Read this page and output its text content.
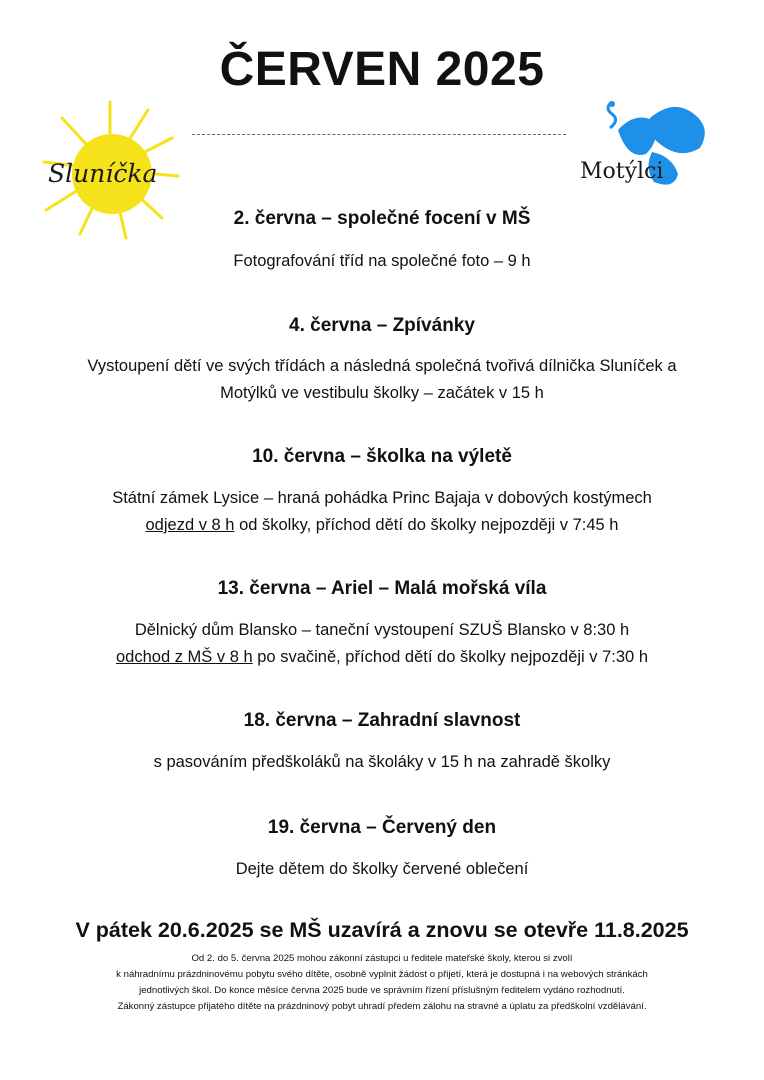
ČERVEN 2025
Sluníčka	Motýlci
2. června – společné focení v MŠ

Fotografování tříd na společné foto – 9 h

4. června – Zpívánky

Vystoupení dětí ve svých třídách a následná společná tvořivá dílnička Sluníček a
Motýlků ve vestibulu školky – začátek v 15 h

10. června – školka na výletě

Státní zámek Lysice – hraná pohádka Princ Bajaja v dobových kostýmech
odjezd v 8 h od školky, příchod dětí do školky nejpozději v 7:45 h

13. června – Ariel – Malá mořská víla

Dělnický dům Blansko – taneční vystoupení SZUŠ Blansko v 8:30 h
odchod z MŠ v 8 h po svačině, příchod dětí do školky nejpozději v 7:30 h

18. června – Zahradní slavnost

s pasováním předškoláků na školáky v 15 h na zahradě školky

19. června – Červený den

Dejte dětem do školky červené oblečení

V pátek 20.6.2025 se MŠ uzavírá a znovu se otevře 11.8.2025

Od 2. do 5. června 2025 mohou zákonní zástupci u ředitele mateřské školy, kterou si zvolí
k náhradnímu prázdninovému pobytu svého dítěte, osobně vyplnit žádost o přijetí, která je dostupná i na webových stránkách
jednotlivých škol. Do konce měsíce června 2025 bude ve správním řízení příslušným ředitelem vydáno rozhodnutí.
Zákonný zástupce přijatého dítěte na prázdninový pobyt uhradí předem zálohu na stravné a úplatu za předškolní vzdělávání.
